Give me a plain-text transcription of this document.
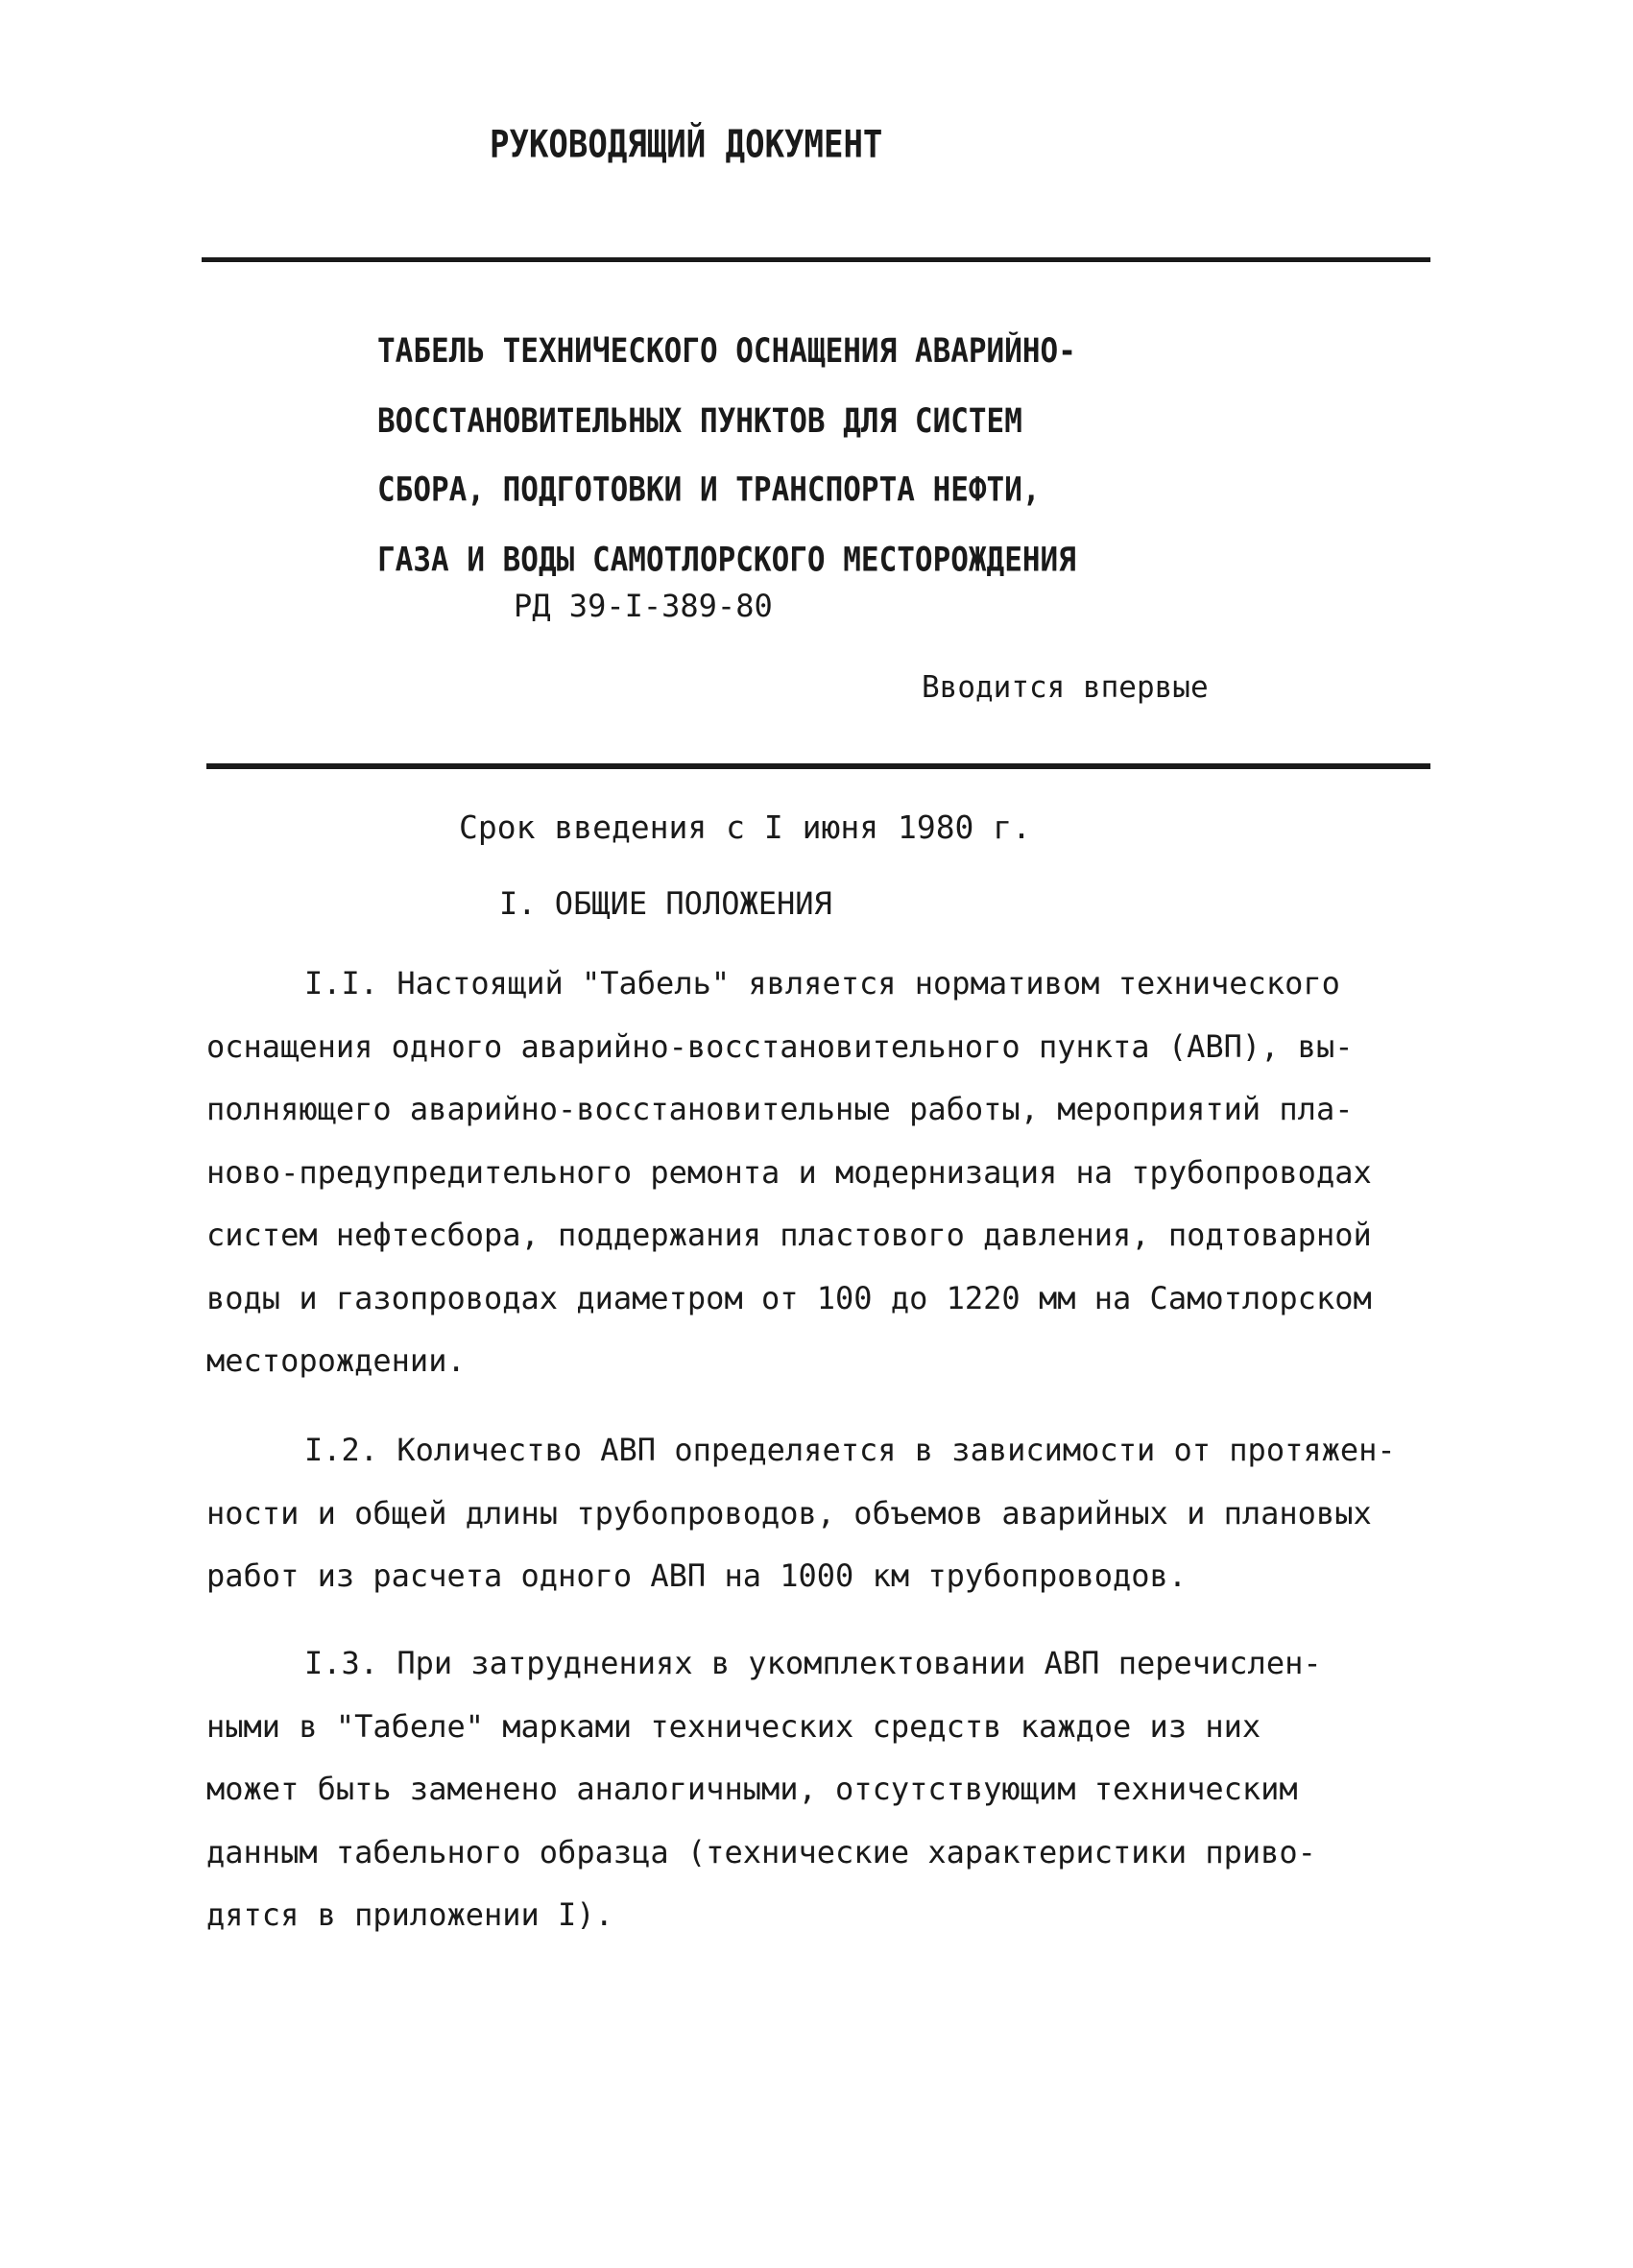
РУКОВОДЯЩИЙ ДОКУМЕНТ
ТАБЕЛЬ ТЕХНИЧЕСКОГО ОСНАЩЕНИЯ АВАРИЙНО-
ВОССТАНОВИТЕЛЬНЫХ ПУНКТОВ ДЛЯ СИСТЕМ
СБОРА, ПОДГОТОВКИ И ТРАНСПОРТА НЕФТИ,
ГАЗА И ВОДЫ САМОТЛОРСКОГО МЕСТОРОЖДЕНИЯ
РД 39-I-389-80
Вводится впервые
Срок введения с I июня 1980 г.
I. ОБЩИЕ ПОЛОЖЕНИЯ
I.I. Настоящий "Табель" является нормативом технического
оснащения одного аварийно-восстановительного пункта (АВП), вы-
полняющего аварийно-восстановительные работы, мероприятий пла-
ново-предупредительного ремонта и модернизация на трубопроводах
систем нефтесбора, поддержания пластового давления, подтоварной
воды и газопроводах диаметром от 100 до 1220 мм на Самотлорском
месторождении.
I.2. Количество АВП определяется в зависимости от протяжен-
ности и общей длины трубопроводов, объемов аварийных и плановых
работ из расчета одного АВП на 1000 км трубопроводов.
I.3. При затруднениях в укомплектовании АВП перечислен-
ными в "Табеле" марками технических средств каждое из них
может быть заменено аналогичными, отсутствующим техническим
данным табельного образца (технические характеристики приво-
дятся в приложении I).
